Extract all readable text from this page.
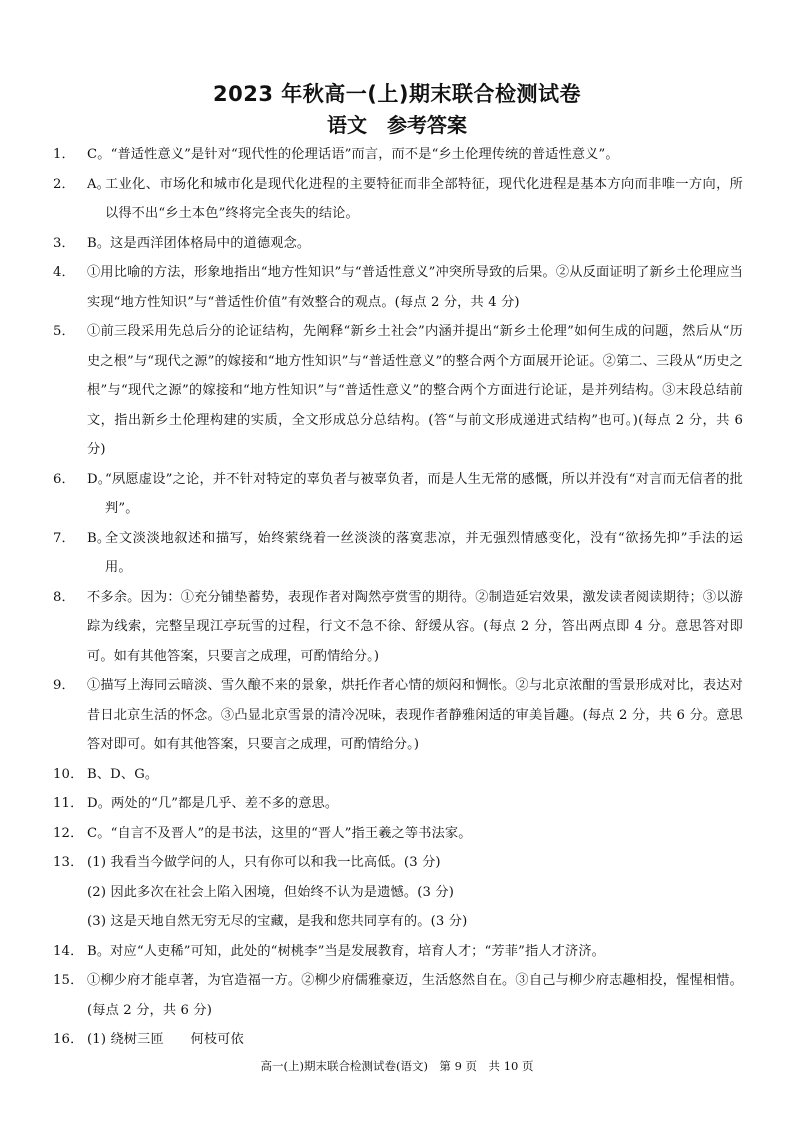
2023 年秋高一(上)期末联合检测试卷
语文　参考答案
1． C。“普适性意义”是针对“现代性的伦理话语”而言，而不是“乡土伦理传统的普适性意义”。
2． A。
工业化、市场化和城市化是现代化进程的主要特征而非全部特征，现代化进程是基本方向而非唯一方向，所以得不出“乡土本色”终将完全丧失的结论。
3． B。这是西洋团体格局中的道德观念。
4． ①用比喻的方法，形象地指出“地方性知识”与“普适性意义”冲突所导致的后果。②从反面证明了新乡土伦理应当实现“地方性知识”与“普适性价值”有效整合的观点。(每点 2 分，共 4 分)
5． ①前三段采用先总后分的论证结构，先阐释“新乡土社会”内涵并提出“新乡土伦理”如何生成的问题，然后从“历史之根”与“现代之源”的嫁接和“地方性知识”与“普适性意义”的整合两个方面展开论证。②第二、三段从“历史之根”与“现代之源”的嫁接和“地方性知识”与“普适性意义”的整合两个方面进行论证，是并列结构。③末段总结前文，指出新乡土伦理构建的实质，全文形成总分总结构。(答“与前文形成递进式结构”也可。)(每点 2 分，共 6 分)
6． D。
“夙愿虚设”之论，并不针对特定的辜负者与被辜负者，而是人生无常的感慨，所以并没有“对言而无信者的批判”。
7． B。
全文淡淡地叙述和描写，始终萦绕着一丝淡淡的落寞悲凉，并无强烈情感变化，没有“欲扬先抑”手法的运用。
8． 不多余。因为：①充分铺垫蓄势，表现作者对陶然亭赏雪的期待。②制造延宕效果，激发读者阅读期待；③以游踪为线索，完整呈现江亭玩雪的过程，行文不急不徐、舒缓从容。(每点 2 分，答出两点即 4 分。意思答对即可。如有其他答案，只要言之成理，可酌情给分。)
9． ①描写上海同云暗淡、雪久酿不来的景象，烘托作者心情的烦闷和惆怅。②与北京浓酣的雪景形成对比，表达对昔日北京生活的怀念。③凸显北京雪景的清冷况味，表现作者静雅闲适的审美旨趣。(每点 2 分，共 6 分。意思答对即可。如有其他答案，只要言之成理，可酌情给分。)
10． B、D、G。
11． D。两处的“几”都是几乎、差不多的意思。
12． C。“自言不及晋人”的是书法，这里的“晋人”指王羲之等书法家。
13． (1) 我看当今做学问的人，只有你可以和我一比高低。(3 分)
(2) 因此多次在社会上陷入困境，但始终不认为是遗憾。(3 分)
(3) 这是天地自然无穷无尽的宝藏，是我和您共同享有的。(3 分)
14． B。对应“人吏稀”可知，此处的“树桃李”当是发展教育，培育人才；“芳菲”指人才济济。
15． ①柳少府才能卓著，为官造福一方。②柳少府儒雅豪迈，生活悠然自在。③自己与柳少府志趣相投，惺惺相惜。(每点 2 分，共 6 分)
16． (1) 绕树三匝　　何枝可依
高一(上)期末联合检测试卷(语文)　第 9 页　共 10 页
